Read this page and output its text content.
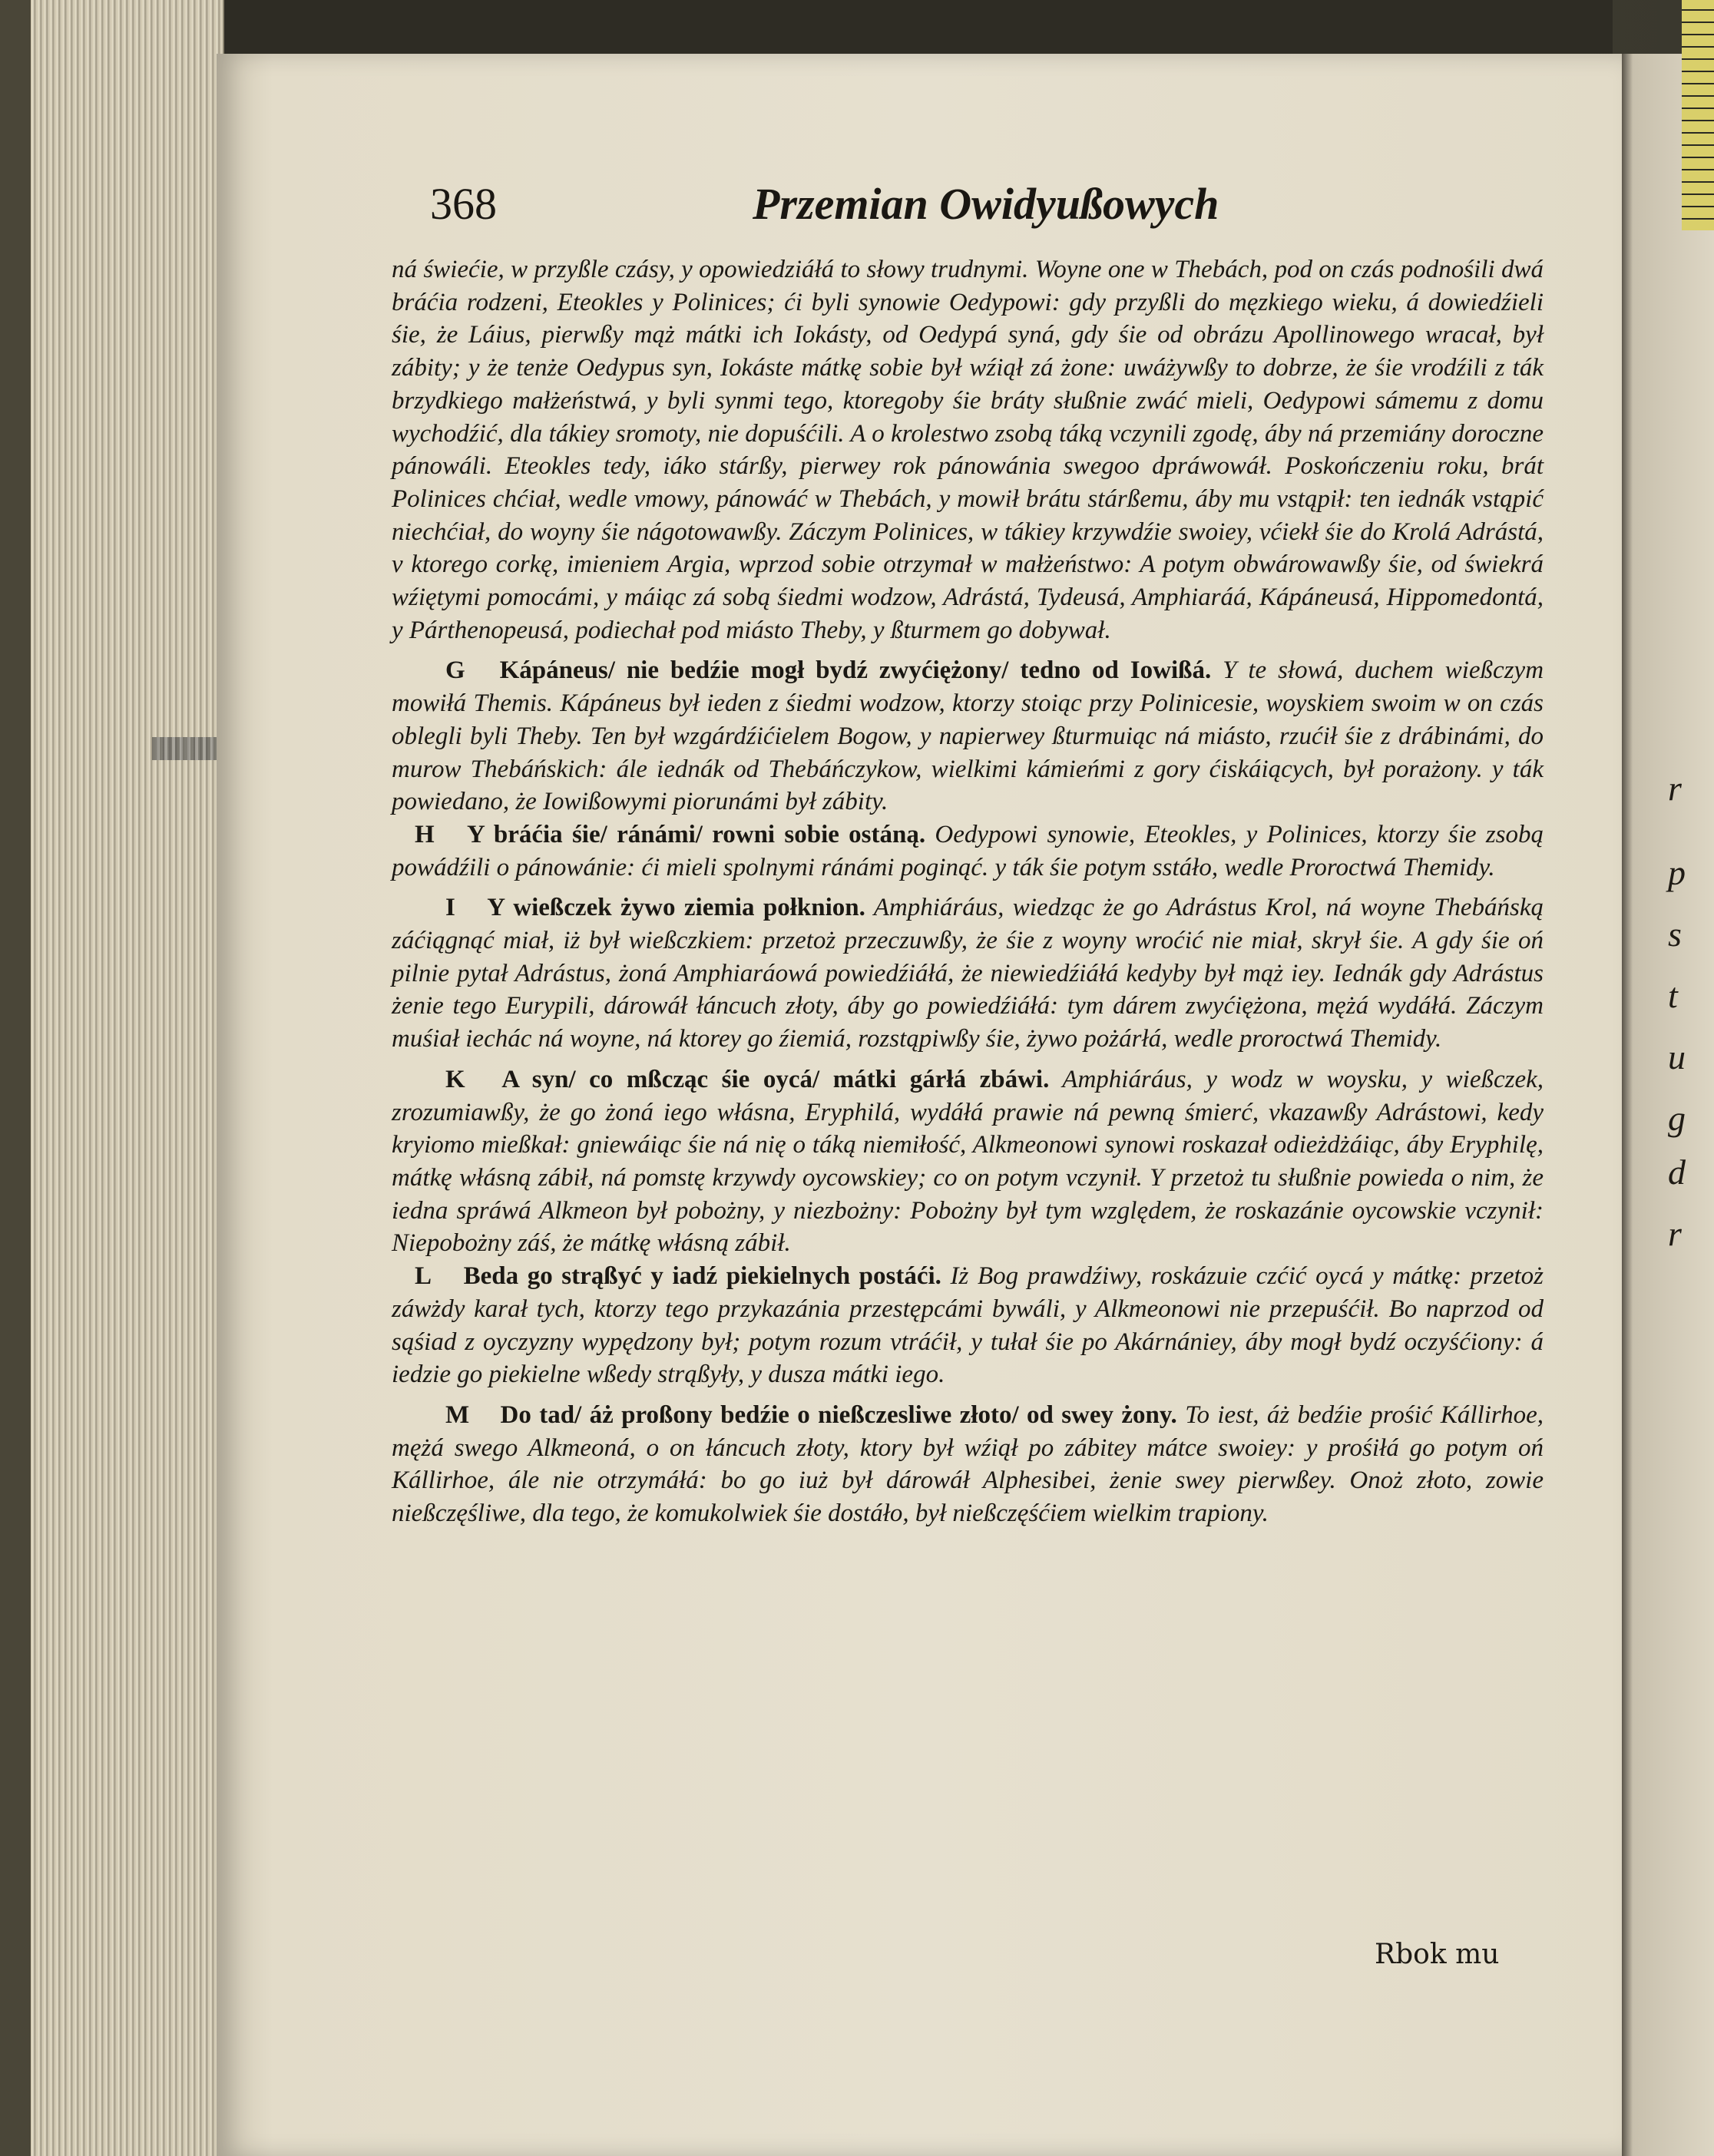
r
p
s
t
u
g
d
r
368	Przemian Owidyußowych

ná świećie, w przyßle czásy, y opowiedziáłá to słowy trudnymi. Woyne one w Thebách, pod on czás podnośili dwá bráćia rodzeni, Eteokles y Polinices; ći byli synowie Oedypowi: gdy przyßli do męzkiego wieku, á dowiedźieli śie, że Láius, pierwßy mąż mátki ich Iokásty, od Oedypá syná, gdy śie od obrázu Apollinowego wracał, był zábity; y że tenże Oedypus syn, Iokáste mátkę sobie był wźiął zá żone: uwáżywßy to dobrze, że śie vrodźili z ták brzydkiego małżeństwá, y byli synmi tego, ktoregoby śie bráty słußnie zwáć mieli, Oedypowi sámemu z domu wychodźić, dla tákiey sromoty, nie dopuśćili. A o krolestwo zsobą táką vczynili zgodę, áby ná przemiány doroczne pánowáli. Eteokles tedy, iáko stárßy, pierwey rok pánowánia swegoo dpráwowáł. Poskończeniu roku, brát Polinices chćiał, wedle vmowy, pánowáć w Thebách, y mowił brátu stárßemu, áby mu vstąpił: ten iednák vstąpić niechćiał, do woyny śie nágotowawßy. Záczym Polinices, w tákiey krzywdźie swoiey, vćiekł śie do Krolá Adrástá, v ktorego corkę, imieniem Argia, wprzod sobie otrzymał w małżeństwo: A potym obwárowawßy śie, od świekrá wźiętymi pomocámi, y máiąc zá sobą śiedmi wodzow, Adrástá, Tydeusá, Amphiaráá, Kápáneusá, Hippomedontá, y Párthenopeusá, podiechał pod miásto Theby, y ßturmem go dobywał.

G Kápáneus/ nie bedźie mogł bydź zwyćiężony/ tedno od Iowißá. Y te słowá, duchem wießczym mowiłá Themis. Kápáneus był ieden z śiedmi wodzow, ktorzy stoiąc przy Polinicesie, woyskiem swoim w on czás oblegli byli Theby. Ten był wzgárdźićielem Bogow, y napierwey ßturmuiąc ná miásto, rzućił śie z drábinámi, do murow Thebáńskich: ále iednák od Thebáńczykow, wielkimi kámieńmi z gory ćiskáiących, był porażony. y ták powiedano, że Iowißowymi piorunámi był zábity.

H Y bráćia śie/ ránámi/ rowni sobie ostáną. Oedypowi synowie, Eteokles, y Polinices, ktorzy śie zsobą powádźili o pánowánie: ći mieli spolnymi ránámi poginąć. y ták śie potym sstáło, wedle Proroctwá Themidy.

I Y wießczek żywo ziemia połknion. Amphiáráus, wiedząc że go Adrástus Krol, ná woyne Thebáńską záćiągnąć miał, iż był wießczkiem: przetoż przeczuwßy, że śie z woyny wroćić nie miał, skrył śie. A gdy śie oń pilnie pytał Adrástus, żoná Amphiaráowá powiedźiáłá, że niewiedźiáłá kedyby był mąż iey. Iednák gdy Adrástus żenie tego Eurypili, dárowáł łáncuch złoty, áby go powiedźiáłá: tym dárem zwyćiężona, mężá wydáłá. Záczym muśiał iechác ná woyne, ná ktorey go źiemiá, rozstąpiwßy śie, żywo pożárłá, wedle proroctwá Themidy.

K A syn/ co mßcząc śie oycá/ mátki gárłá zbáwi. Amphiáráus, y wodz w woysku, y wießczek, zrozumiawßy, że go żoná iego włásna, Eryphilá, wydáłá prawie ná pewną śmierć, vkazawßy Adrástowi, kedy kryiomo mießkał: gniewáiąc śie ná nię o táką niemiłość, Alkmeonowi synowi roskazał odieżdżáiąc, áby Eryphilę, mátkę włásną zábił, ná pomstę krzywdy oycowskiey; co on potym vczynił. Y przetoż tu słußnie powieda o nim, że iedna spráwá Alkmeon był pobożny, y niezbożny: Pobożny był tym względem, że roskazánie oycowskie vczynił: Niepobożny záś, że mátkę włásną zábił.

L Beda go strąßyć y iadź piekielnych postáći. Iż Bog prawdźiwy, roskázuie czćić oycá y mátkę: przetoż záwżdy karał tych, ktorzy tego przykazánia przestępcámi bywáli, y Alkmeonowi nie przepuśćił. Bo naprzod od sąśiad z oyczyzny wypędzony był; potym rozum vtráćił, y tułał śie po Akárnániey, áby mogł bydź oczyśćiony: á iedzie go piekielne wßedy strąßyły, y dusza mátki iego.

M Do tad/ áż proßony bedźie o nießczesliwe złoto/ od swey żony. To iest, áż bedźie prośić Kállirhoe, mężá swego Alkmeoná, o on łáncuch złoty, ktory był wźiął po zábitey mátce swoiey: y prośiłá go potym oń Kállirhoe, ále nie otrzymáłá: bo go iuż był dárowáł Alphesibei, żenie swey pierwßey. Onoż złoto, zowie nießczęśliwe, dla tego, że komukolwiek śie dostáło, był nießczęśćiem wielkim trapiony.

Rbok mu
